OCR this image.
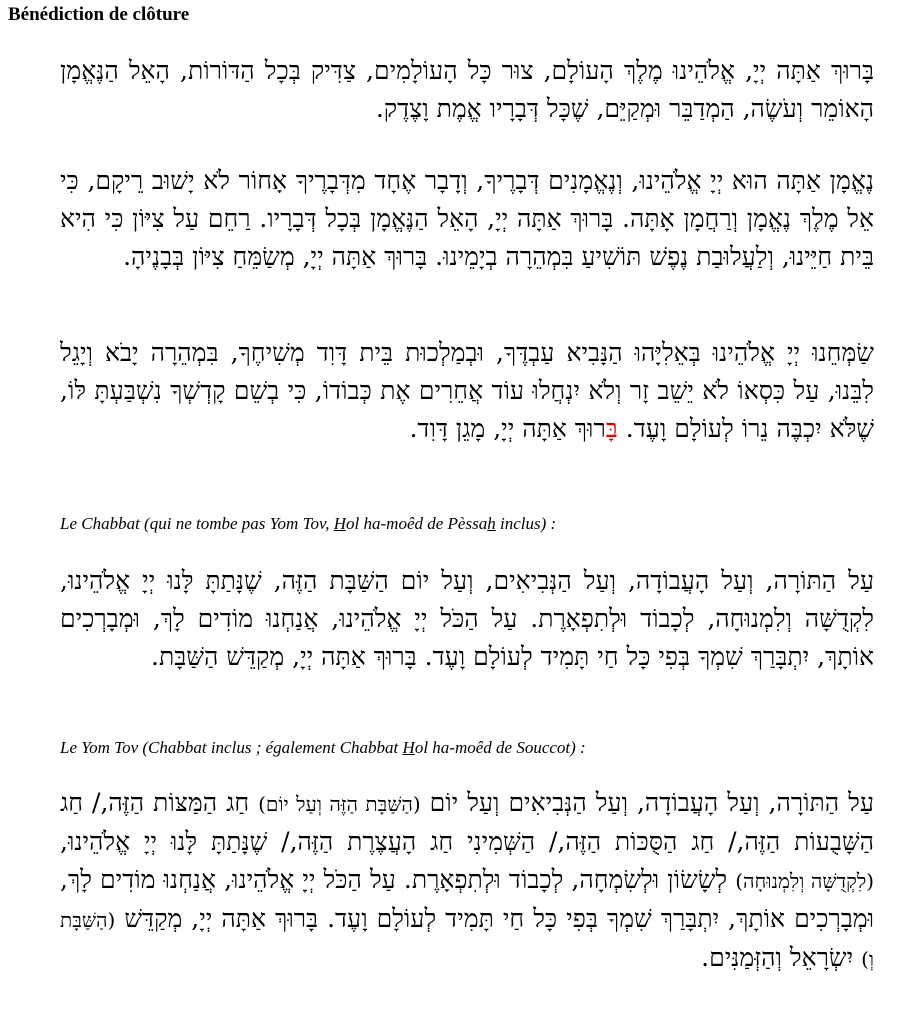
Bénédiction de clôture

בָּרוּךְ אַתָּה יְיָ, אֱלֹהֵינוּ מֶלֶךְ הָעוֹלָם, צוּר כָּל הָעוֹלָמִים, צַדִּיק בְּכָל הַדּוֹרוֹת, הָאֵל הַנֶּאֱמָן הָאוֹמֵר וְעֹשֶׂה, הַמְדַבֵּר וּמְקַיֵּם, שֶׁכָּל דְּבָרָיו אֱמֶת וָצֶדֶק.

נֶאֱמָן אַתָּה הוּא יְיָ אֱלֹהֵינוּ, וְנֶאֱמָנִים דְּבָרֶיךָ, וְדָבָר אֶחָד מִדְּבָרֶיךָ אָחוֹר לֹא יָשׁוּב רֵיקָם, כִּי אֵל מֶלֶךְ נֶאֱמָן וְרַחֲמָן אָתָּה. בָּרוּךְ אַתָּה יְיָ, הָאֵל הַנֶּאֱמָן בְּכָל דְּבָרָיו. רַחֵם עַל צִיּוֹן כִּי הִיא בֵּית חַיֵּינוּ, וְלַעֲלוּבַת נֶפֶשׁ תּוֹשִׁיעַ בִּמְהֵרָה בְיָמֵינוּ. בָּרוּךְ אַתָּה יְיָ, מְשַׂמֵּחַ צִיּוֹן בְּבָנֶיהָ.

שַׂמְּחֵנוּ יְיָ אֱלֹהֵינוּ בְּאֵלִיָּהוּ הַנָּבִיא עַבְדֶּךָ, וּבְמַלְכוּת בֵּית דָּוִד מְשִׁיחֶךָ, בִּמְהֵרָה יָבֹא וְיָגֵל לִבֵּנוּ, עַל כִּסְאוֹ לֹא יֵשֵׁב זָר וְלֹא יִנְחֲלוּ עוֹד אֲחֵרִים אֶת כְּבוֹדוֹ, כִּי בְשֵׁם קָדְשְׁךָ נִשְׁבַּעְתָּ לּוֹ, שֶׁלֹּא יִכְבֶּה נֵרוֹ לְעוֹלָם וָעֶד. בָּרוּךְ אַתָּה יְיָ, מָגֵן דָּוִד.

Le Chabbat (qui ne tombe pas Yom Tov, Hol ha-moêd de Pèssah inclus) :

עַל הַתּוֹרָה, וְעַל הָעֲבוֹדָה, וְעַל הַנְּבִיאִים, וְעַל יוֹם הַשַּׁבָּת הַזֶּה, שֶׁנָּתַתָּ לָּנוּ יְיָ אֱלֹהֵינוּ, לִקְדֻשָּׁה וְלִמְנוּחָה, לְכָבוֹד וּלְתִפְאָרֶת. עַל הַכֹּל יְיָ אֱלֹהֵינוּ, אֲנַחְנוּ מוֹדִים לָךְ, וּמְבָרְכִים אוֹתָךְ, יִתְבָּרַךְ שִׁמְךָ בְּפִי כָּל חַי תָּמִיד לְעוֹלָם וָעֶד. בָּרוּךְ אַתָּה יְיָ, מְקַדֵּשׁ הַשַּׁבָּת.

Le Yom Tov (Chabbat inclus ; également Chabbat Hol ha-moêd de Souccot) :

עַל הַתּוֹרָה, וְעַל הָעֲבוֹדָה, וְעַל הַנְּבִיאִים וְעַל יוֹם (הַשַּׁבָּת הַזֶּה וְעַל יוֹם) חַג הַמַּצּוֹת הַזֶּה,/ חַג הַשָּׁבֻעוֹת הַזֶּה,/ חַג הַסֻּכּוֹת הַזֶּה,/ הַשְּׁמִינִי חַג הָעֲצֶרֶת הַזֶּה,/ שֶׁנָּתַתָּ לָּנוּ יְיָ אֱלֹהֵינוּ, (לִקְדֻשָּׁה וְלִמְנוּחָה) לְשָׂשׂוֹן וּלְשִׂמְחָה, לְכָבוֹד וּלְתִפְאָרֶת. עַל הַכֹּל יְיָ אֱלֹהֵינוּ, אֲנַחְנוּ מוֹדִים לָךְ, וּמְבָרְכִים אוֹתָךְ, יִתְבָּרַךְ שִׁמְךָ בְּפִי כָּל חַי תָּמִיד לְעוֹלָם וָעֶד. בָּרוּךְ אַתָּה יְיָ, מְקַדֵּשׁ (הַשַּׁבָּת וְ) יִשְׂרָאֵל וְהַזְּמַנִּים.
